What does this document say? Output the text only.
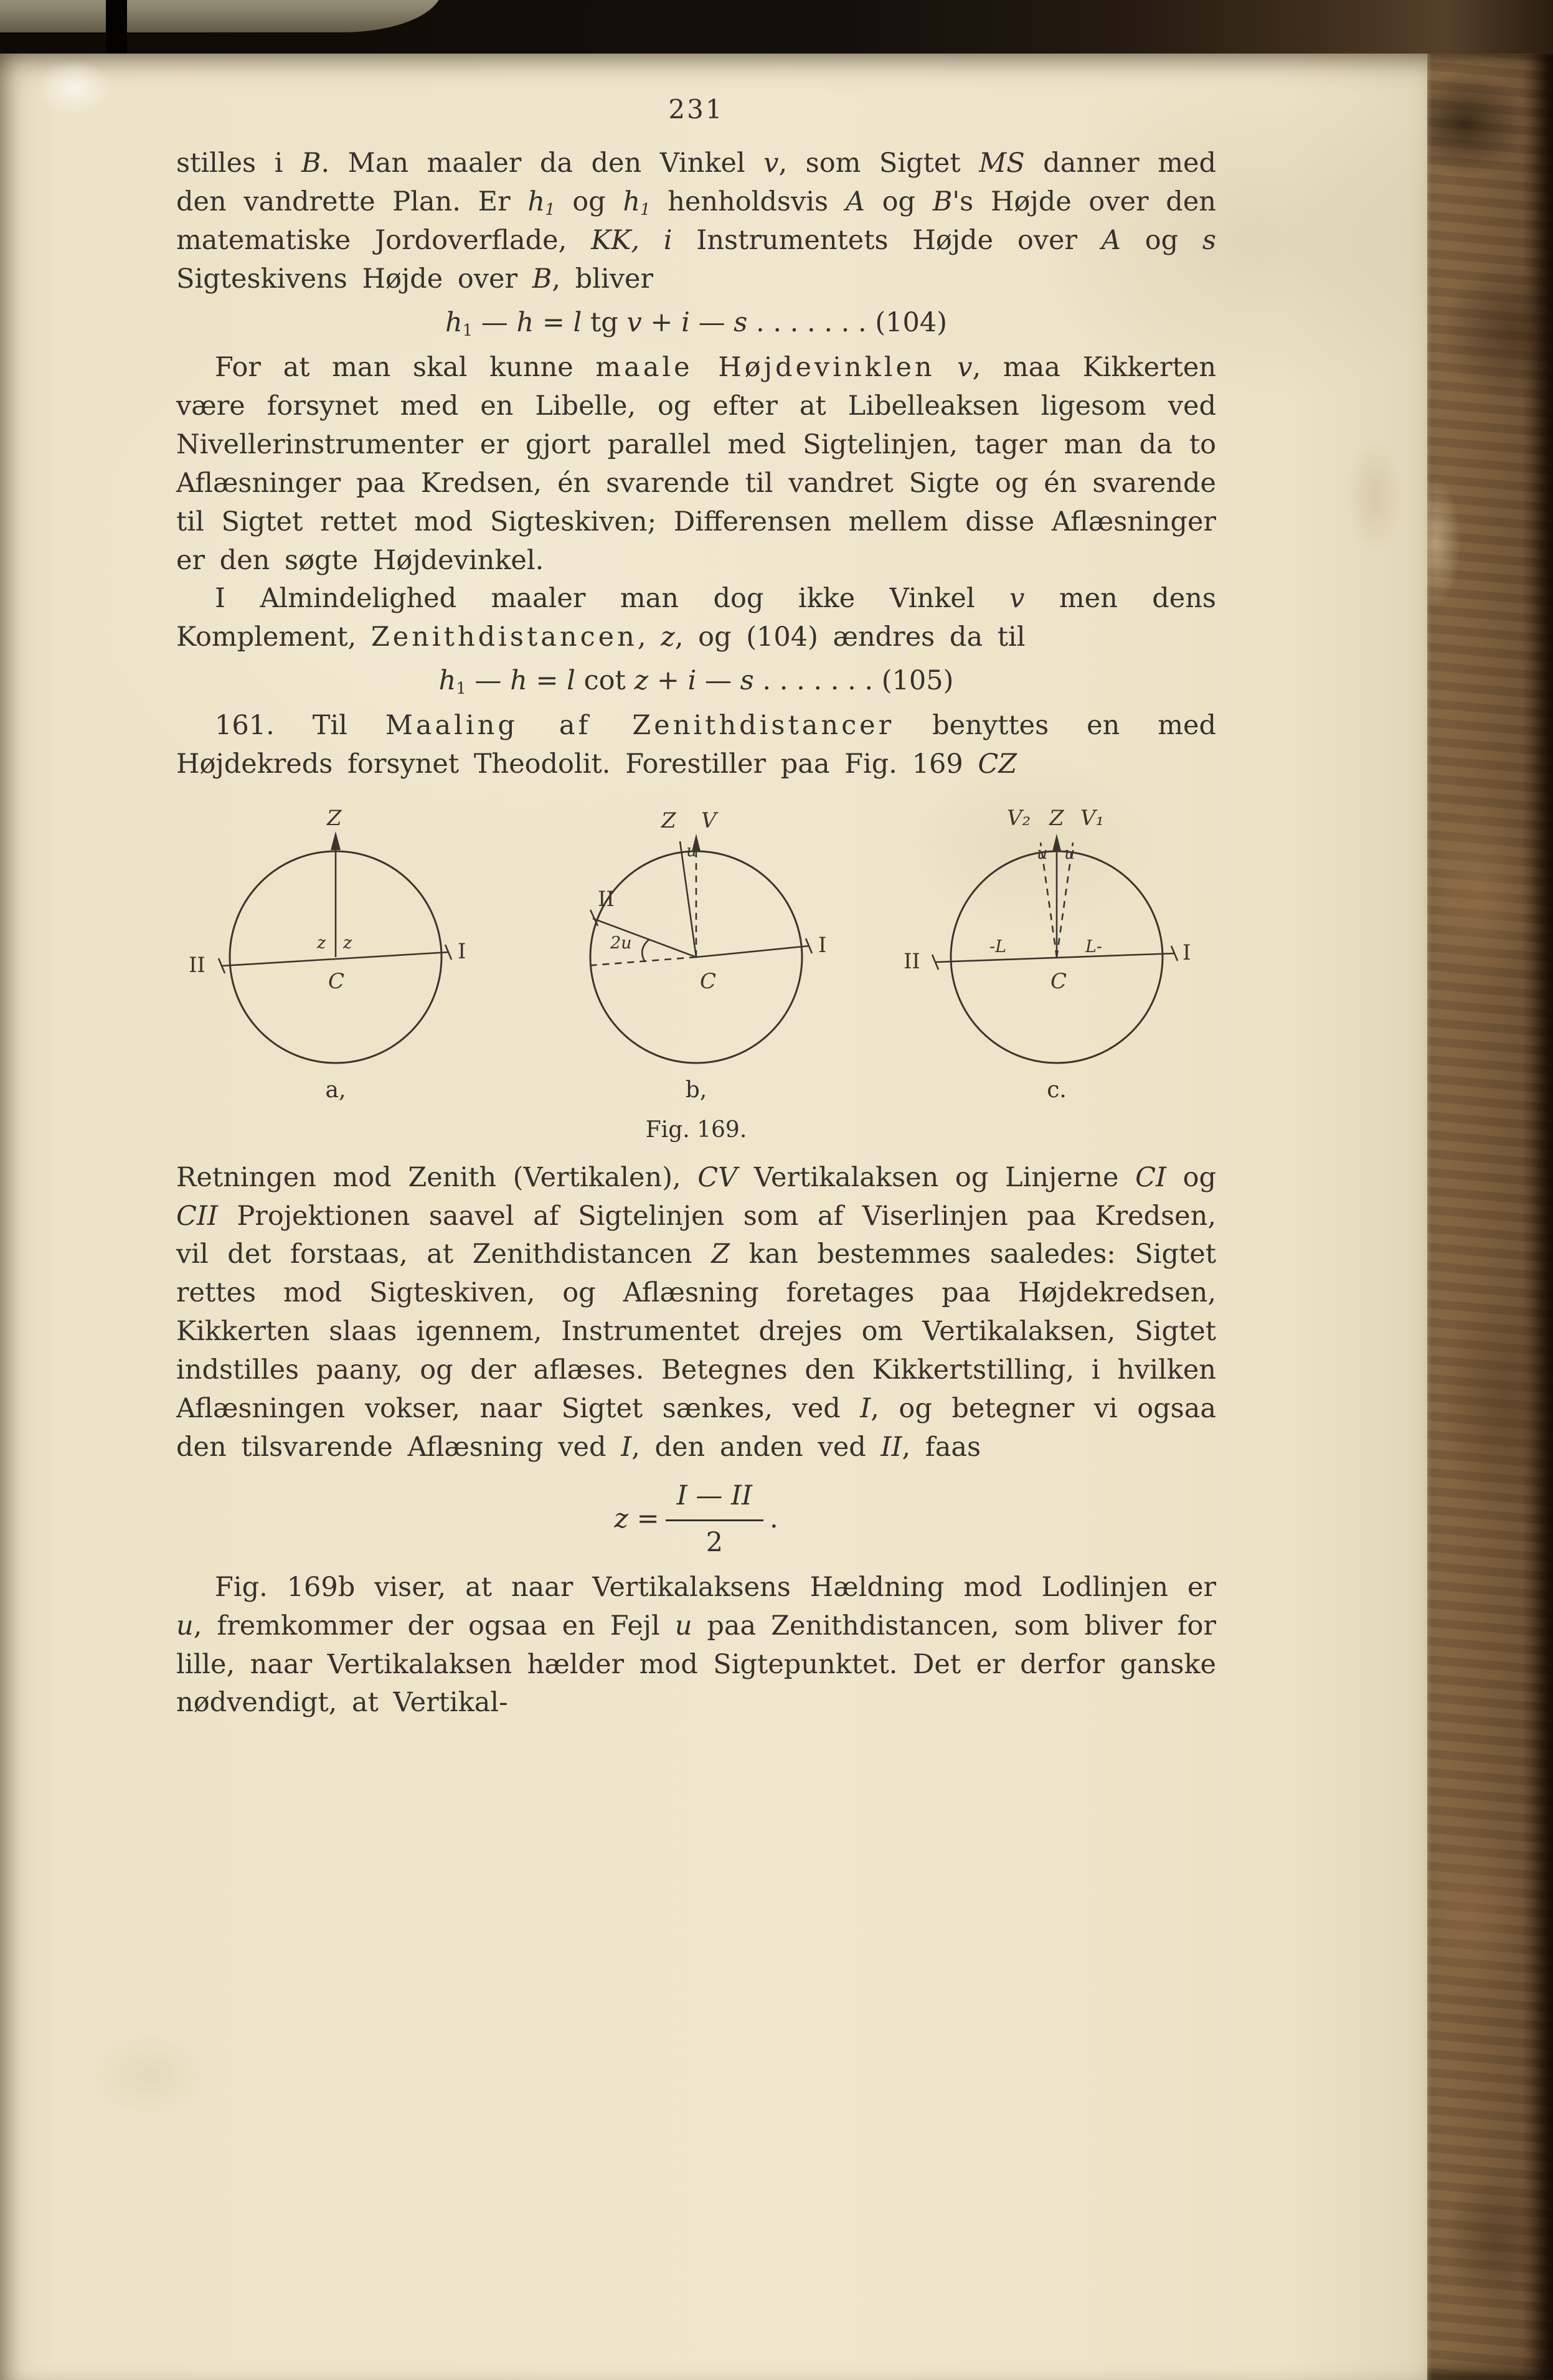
231

stilles i B. Man maaler da den Vinkel v, som Sigtet MS danner med den vandrette Plan. Er $h_1$ og $h_1$ henholdsvis A og B's Højde over den matematiske Jordoverflade, KK, i Instrumentets Højde over A og s Sigteskivens Højde over B, bliver

$h_1$ — h = l tg v + i — s . . . . . . . (104)

For at man skal kunne maale Højdevinklen v, maa Kikkerten være forsynet med en Libelle, og efter at Libelleaksen ligesom ved Nivellerinstrumenter er gjort parallel med Sigtelinjen, tager man da to Aflæsninger paa Kredsen, én svarende til vandret Sigte og én svarende til Sigtet rettet mod Sigteskiven; Differensen mellem disse Aflæsninger er den søgte Højdevinkel.

I Almindelighed maaler man dog ikke Vinkel v men dens Komplement, Zenithdistancen, z, og (104) ændres da til

$h_1$ — h = l cot z + i — s . . . . . . . (105)

161. Til Maaling af Zenithdistancer benyttes en med Højdekreds forsynet Theodolit. Forestiller paa Fig. 169 CZ

Z
II
I
z z
C
a,
Z V
u
I
II
2u
C
b,
Z
V₂ V₁
u u
II	I
-L	L-
C
c.
Fig. 169.

Retningen mod Zenith (Vertikalen), CV Vertikalaksen og Linjerne CI og CII Projektionen saavel af Sigtelinjen som af Viserlinjen paa Kredsen, vil det forstaas, at Zenithdistancen Z kan bestemmes saaledes: Sigtet rettes mod Sigteskiven, og Aflæsning foretages paa Højdekredsen, Kikkerten slaas igennem, Instrumentet drejes om Vertikalaksen, Sigtet indstilles paany, og der aflæses. Betegnes den Kikkertstilling, i hvilken Aflæsningen vokser, naar Sigtet sænkes, ved I, og betegner vi ogsaa den tilsvarende Aflæsning ved I, den anden ved II, faas

$z = \frac{I — II}{2}$ .

Fig. 169b viser, at naar Vertikalaksens Hældning mod Lodlinjen er u, fremkommer der ogsaa en Fejl u paa Zenithdistancen, som bliver for lille, naar Vertikalaksen hælder mod Sigtepunktet. Det er derfor ganske nødvendigt, at Vertikal-
